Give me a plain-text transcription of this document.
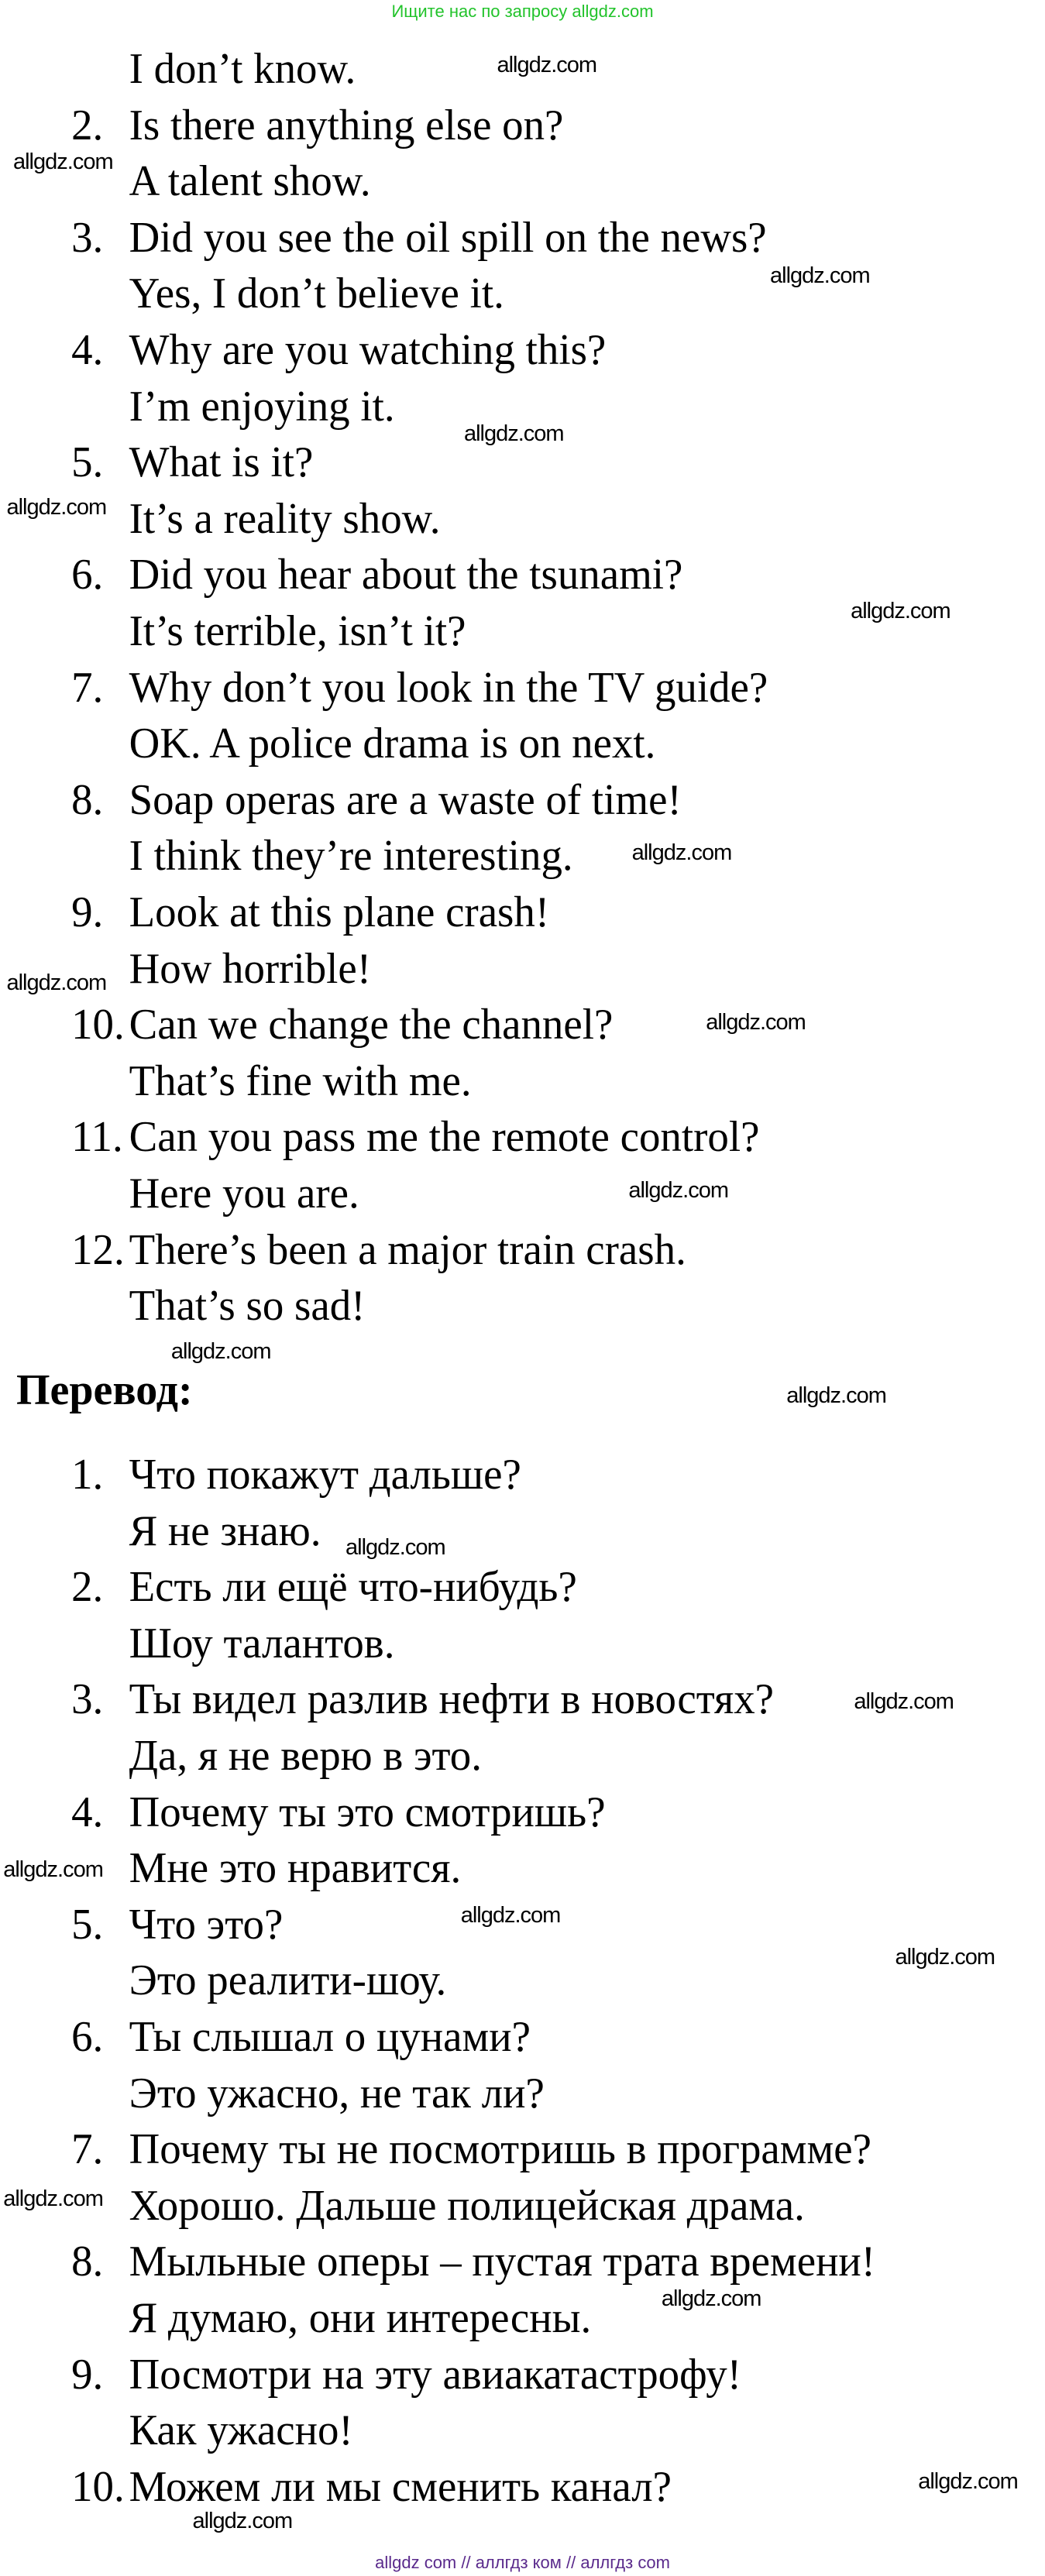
Ищите нас по запросу allgdz.com
Перевод:
I don’t know.
2. Is there anything else on?
A talent show.
3. Did you see the oil spill on the news?
Yes, I don’t believe it.
4. Why are you watching this?
I’m enjoying it.
5. What is it?
It’s a reality show.
6. Did you hear about the tsunami?
It’s terrible, isn’t it?
7. Why don’t you look in the TV guide?
OK. A police drama is on next.
8. Soap operas are a waste of time!
I think they’re interesting.
9. Look at this plane crash!
How horrible!
10. Can we change the channel?
That’s fine with me.
11. Can you pass me the remote control?
Here you are.
12. There’s been a major train crash.
That’s so sad!
1. Что покажут дальше?
Я не знаю.
2. Есть ли ещё что-нибудь?
Шоу талантов.
3. Ты видел разлив нефти в новостях?
Да, я не верю в это.
4. Почему ты это смотришь?
Мне это нравится.
5. Что это?
Это реалити-шоу.
6. Ты слышал о цунами?
Это ужасно, не так ли?
7. Почему ты не посмотришь в программе?
Хорошо. Дальше полицейская драма.
8. Мыльные оперы – пустая трата времени!
Я думаю, они интересны.
9. Посмотри на эту авиакатастрофу!
Как ужасно!
10. Можем ли мы сменить канал?
allgdz com // аллгдз ком // аллгдз com
allgdz.com
allgdz.com
allgdz.com
allgdz.com
allgdz.com
allgdz.com
allgdz.com
allgdz.com
allgdz.com
allgdz.com
allgdz.com
allgdz.com
allgdz.com
allgdz.com
allgdz.com
allgdz.com
allgdz.com
allgdz.com
allgdz.com
allgdz.com
allgdz.com
